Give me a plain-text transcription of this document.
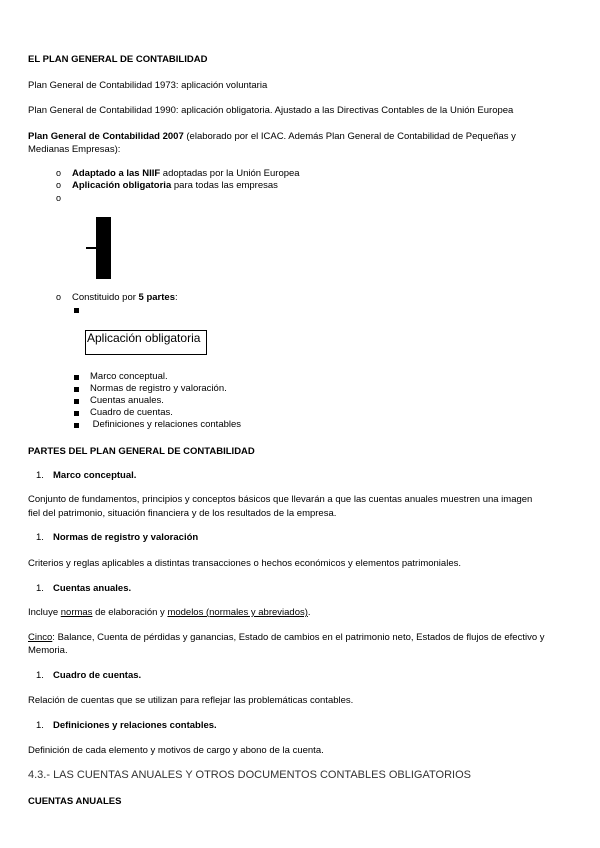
EL PLAN GENERAL DE CONTABILIDAD
Plan General de Contabilidad 1973: aplicación voluntaria
Plan General de Contabilidad 1990: aplicación obligatoria. Ajustado a las Directivas Contables de la Unión Europea
Plan General de Contabilidad 2007 (elaborado por el ICAC. Además Plan General de Contabilidad de Pequeñas y
Medianas Empresas):
o Adaptado a las NIIF adoptadas por la Unión Europea
o Aplicación obligatoria para todas las empresas
o
o Constituido por 5 partes:
Aplicación obligatoria
Marco conceptual.
Normas de registro y valoración.
Cuentas anuales.
Cuadro de cuentas.
Definiciones y relaciones contables
PARTES DEL PLAN GENERAL DE CONTABILIDAD
1. Marco conceptual.
Conjunto de fundamentos, principios y conceptos básicos que llevarán a que las cuentas anuales muestren una imagen
fiel del patrimonio, situación financiera y de los resultados de la empresa.
1. Normas de registro y valoración
Criterios y reglas aplicables a distintas transacciones o hechos económicos y elementos patrimoniales.
1. Cuentas anuales.
Incluye normas de elaboración y modelos (normales y abreviados).
Cinco: Balance, Cuenta de pérdidas y ganancias, Estado de cambios en el patrimonio neto, Estados de flujos de efectivo y
Memoria.
1. Cuadro de cuentas.
Relación de cuentas que se utilizan para reflejar las problemáticas contables.
1. Definiciones y relaciones contables.
Definición de cada elemento y motivos de cargo y abono de la cuenta.
4.3.- LAS CUENTAS ANUALES Y OTROS DOCUMENTOS CONTABLES OBLIGATORIOS
CUENTAS ANUALES
